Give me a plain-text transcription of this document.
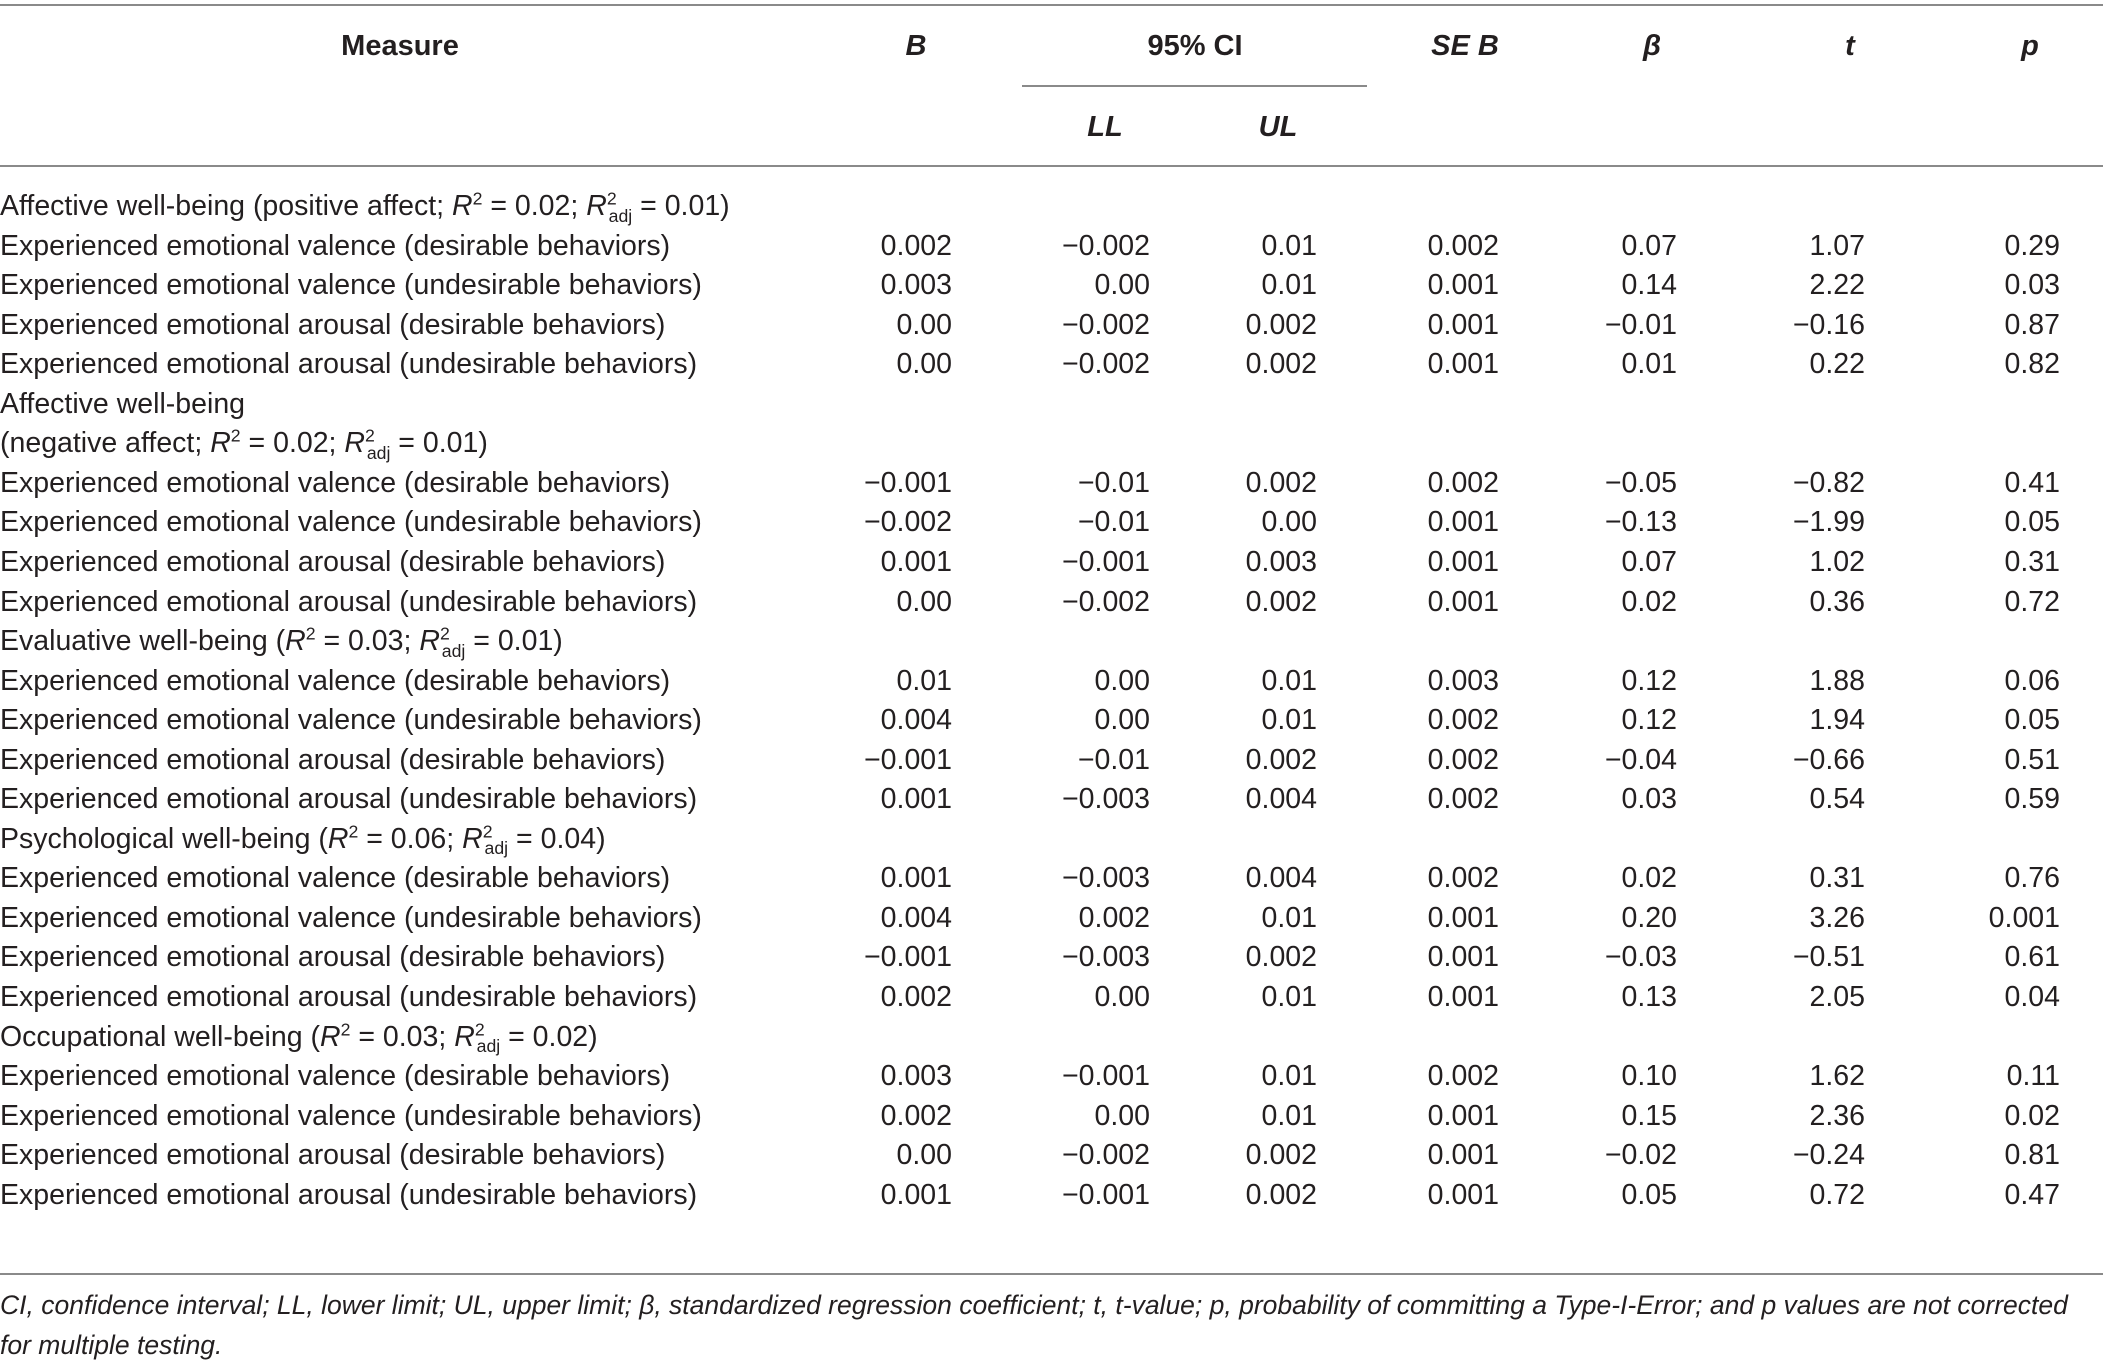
Measure	B	95% CI	SE B	β	t	p
LL	UL
Affective well-being (positive affect; $R^2 = 0.02$; $R^2_{adj} = 0.01$)
Experienced emotional valence (desirable behaviors)	0.002	−0.002	0.01	0.002	0.07	1.07	0.29
Experienced emotional valence (undesirable behaviors)	0.003	0.00	0.01	0.001	0.14	2.22	0.03
Experienced emotional arousal (desirable behaviors)	0.00	−0.002	0.002	0.001	−0.01	−0.16	0.87
Experienced emotional arousal (undesirable behaviors)	0.00	−0.002	0.002	0.001	0.01	0.22	0.82
Affective well-being
(negative affect; $R^2 = 0.02$; $R^2_{adj} = 0.01$)
Experienced emotional valence (desirable behaviors)	−0.001	−0.01	0.002	0.002	−0.05	−0.82	0.41
Experienced emotional valence (undesirable behaviors)	−0.002	−0.01	0.00	0.001	−0.13	−1.99	0.05
Experienced emotional arousal (desirable behaviors)	0.001	−0.001	0.003	0.001	0.07	1.02	0.31
Experienced emotional arousal (undesirable behaviors)	0.00	−0.002	0.002	0.001	0.02	0.36	0.72
Evaluative well-being ($R^2 = 0.03$; $R^2_{adj} = 0.01$)
Experienced emotional valence (desirable behaviors)	0.01	0.00	0.01	0.003	0.12	1.88	0.06
Experienced emotional valence (undesirable behaviors)	0.004	0.00	0.01	0.002	0.12	1.94	0.05
Experienced emotional arousal (desirable behaviors)	−0.001	−0.01	0.002	0.002	−0.04	−0.66	0.51
Experienced emotional arousal (undesirable behaviors)	0.001	−0.003	0.004	0.002	0.03	0.54	0.59
Psychological well-being ($R^2 = 0.06$; $R^2_{adj} = 0.04$)
Experienced emotional valence (desirable behaviors)	0.001	−0.003	0.004	0.002	0.02	0.31	0.76
Experienced emotional valence (undesirable behaviors)	0.004	0.002	0.01	0.001	0.20	3.26	0.001
Experienced emotional arousal (desirable behaviors)	−0.001	−0.003	0.002	0.001	−0.03	−0.51	0.61
Experienced emotional arousal (undesirable behaviors)	0.002	0.00	0.01	0.001	0.13	2.05	0.04
Occupational well-being ($R^2 = 0.03$; $R^2_{adj} = 0.02$)
Experienced emotional valence (desirable behaviors)	0.003	−0.001	0.01	0.002	0.10	1.62	0.11
Experienced emotional valence (undesirable behaviors)	0.002	0.00	0.01	0.001	0.15	2.36	0.02
Experienced emotional arousal (desirable behaviors)	0.00	−0.002	0.002	0.001	−0.02	−0.24	0.81
Experienced emotional arousal (undesirable behaviors)	0.001	−0.001	0.002	0.001	0.05	0.72	0.47
CI, confidence interval; LL, lower limit; UL, upper limit; β, standardized regression coefficient; t, t-value; p, probability of committing a Type-I-Error; and p values are not corrected for multiple testing.
